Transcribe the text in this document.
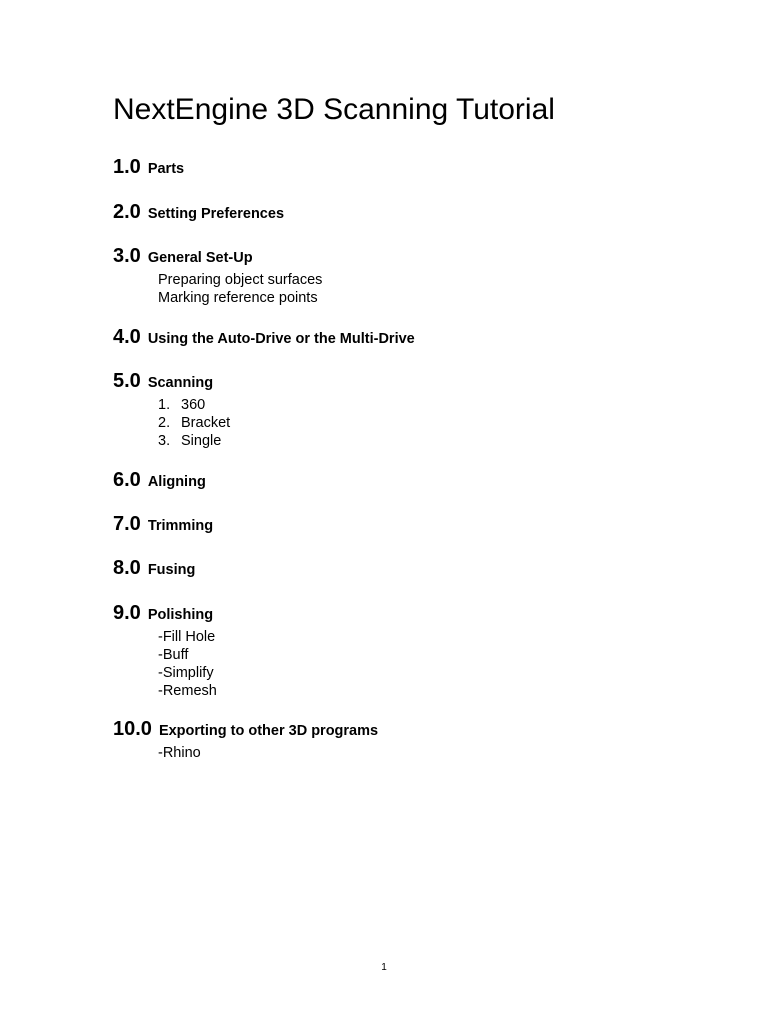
NextEngine 3D Scanning Tutorial
1.0 Parts
2.0 Setting Preferences
3.0 General Set-Up
Preparing object surfaces
Marking reference points
4.0 Using the Auto-Drive or the Multi-Drive
5.0 Scanning
1. 360
2. Bracket
3. Single
6.0 Aligning
7.0 Trimming
8.0 Fusing
9.0 Polishing
-Fill Hole
-Buff
-Simplify
-Remesh
10.0 Exporting to other 3D programs
-Rhino
1
